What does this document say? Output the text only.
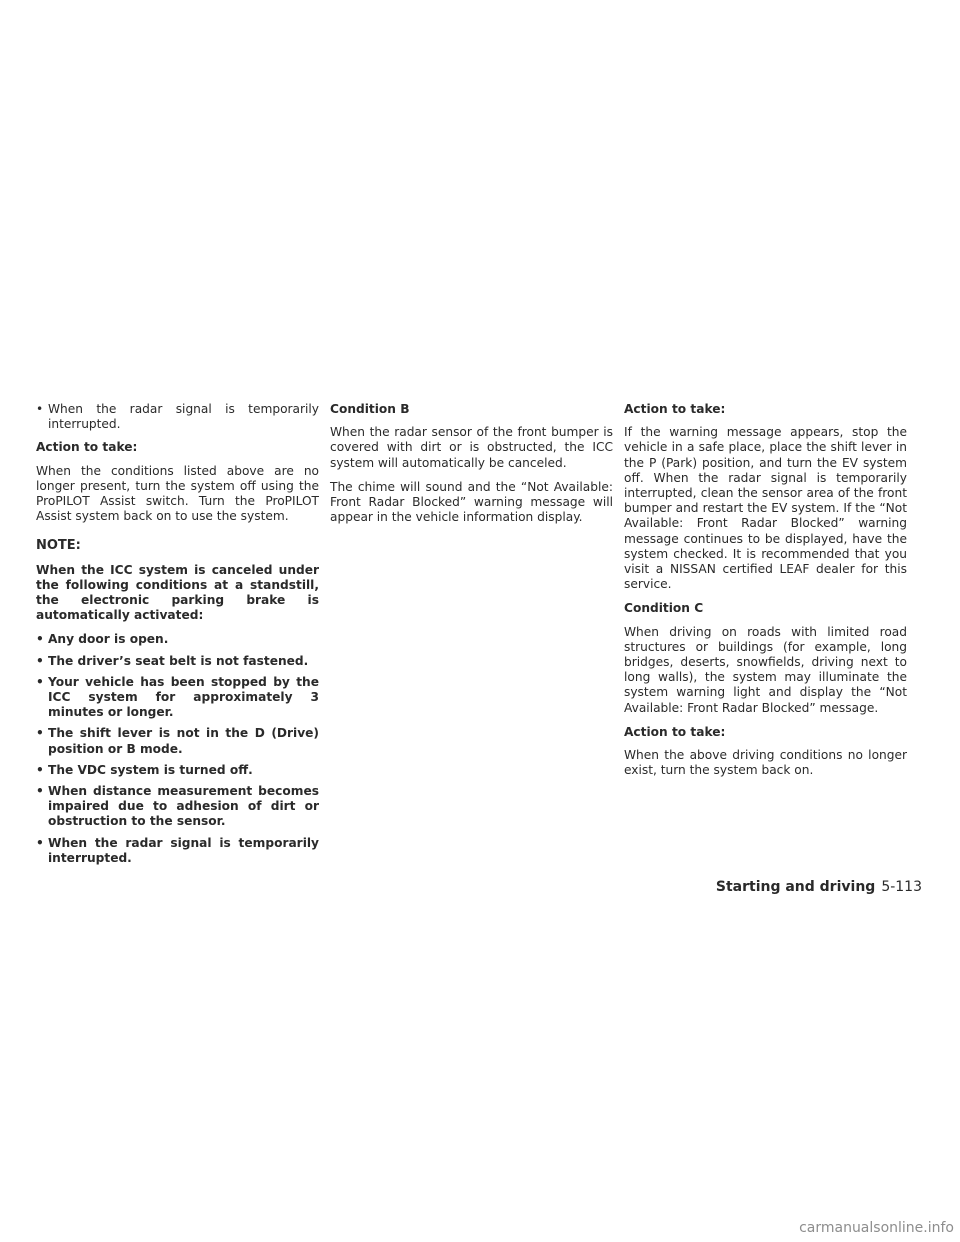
• When the radar signal is temporarily interrupted.

Action to take:

When the conditions listed above are no longer present, turn the system off using the ProPILOT Assist switch. Turn the ProPILOT Assist system back on to use the system.

NOTE:

When the ICC system is canceled under the following conditions at a standstill, the electronic parking brake is automatically activated:

• Any door is open.
• The driver’s seat belt is not fastened.
• Your vehicle has been stopped by the ICC system for approximately 3 minutes or longer.
• The shift lever is not in the D (Drive) position or B mode.
• The VDC system is turned off.
• When distance measurement becomes impaired due to adhesion of dirt or obstruction to the sensor.
• When the radar signal is temporarily interrupted.

Condition B

When the radar sensor of the front bumper is covered with dirt or is obstructed, the ICC system will automatically be canceled.

The chime will sound and the “Not Available: Front Radar Blocked” warning message will appear in the vehicle information display.

Action to take:

If the warning message appears, stop the vehicle in a safe place, place the shift lever in the P (Park) position, and turn the EV system off. When the radar signal is temporarily interrupted, clean the sensor area of the front bumper and restart the EV system. If the “Not Available: Front Radar Blocked” warning message continues to be displayed, have the system checked. It is recommended that you visit a NISSAN certified LEAF dealer for this service.

Condition C

When driving on roads with limited road structures or buildings (for example, long bridges, deserts, snowfields, driving next to long walls), the system may illuminate the system warning light and display the “Not Available: Front Radar Blocked” message.

Action to take:

When the above driving conditions no longer exist, turn the system back on.

Starting and driving 5-113
carmanualsonline.info
